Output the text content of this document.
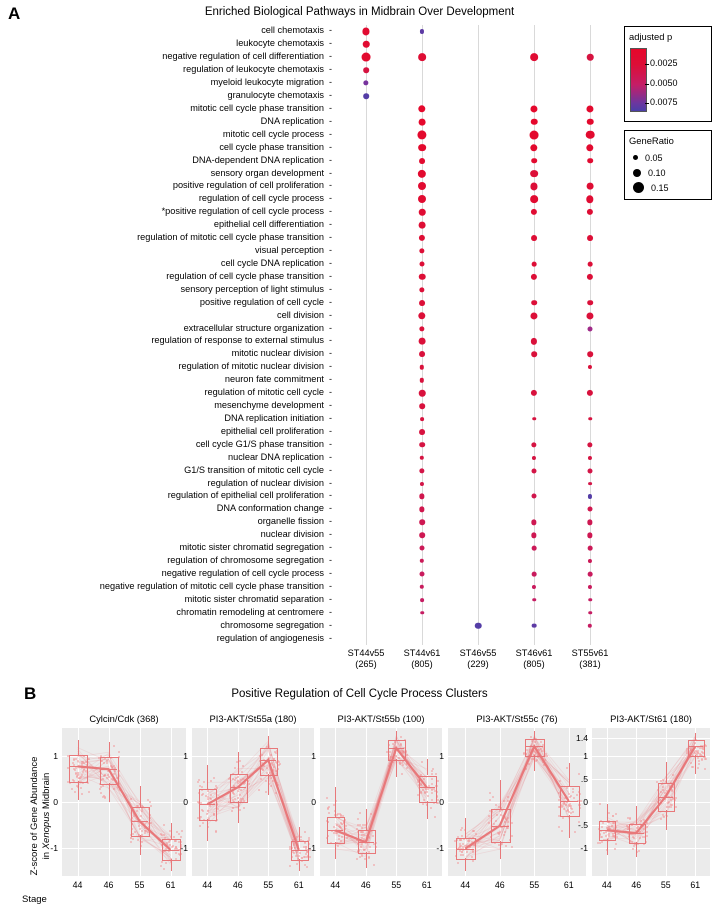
A	Enriched Biological Pathways in Midbrain Over Development
cell chemotaxis -
leukocyte chemotaxis -
negative regulation of cell differentiation -
regulation of leukocyte chemotaxis -
myeloid leukocyte migration -
granulocyte chemotaxis -
mitotic cell cycle phase transition -
DNA replication -
mitotic cell cycle process -
cell cycle phase transition -
DNA-dependent DNA replication -
sensory organ development -
positive regulation of cell proliferation -
regulation of cell cycle process -
*positive regulation of cell cycle process -
epithelial cell differentiation -
regulation of mitotic cell cycle phase transition -
visual perception -
cell cycle DNA replication -
regulation of cell cycle phase transition -
sensory perception of light stimulus -
positive regulation of cell cycle -
cell division -
extracellular structure organization -
regulation of response to external stimulus -
mitotic nuclear division -
regulation of mitotic nuclear division -
neuron fate commitment -
regulation of mitotic cell cycle -
mesenchyme development -
DNA replication initiation -
epithelial cell proliferation -
cell cycle G1/S phase transition -
nuclear DNA replication -
G1/S transition of mitotic cell cycle -
regulation of nuclear division -
regulation of epithelial cell proliferation -
DNA conformation change -
organelle fission -
nuclear division -
mitotic sister chromatid segregation -
regulation of chromosome segregation -
negative regulation of cell cycle process -
negative regulation of mitotic cell cycle phase transition -
mitotic sister chromatid separation -
chromatin remodeling at centromere -
chromosome segregation -
regulation of angiogenesis -
ST44v55
(265)
ST44v61
(805)
ST46v55
(229)
ST46v61
(805)
ST55v61
(381)
adjusted p
GeneRatio
0.05
0.10
0.15
0.0025
0.0050
0.0075
B	Positive Regulation of Cell Cycle Process Clusters
Z-score of Gene Abundance
in Xenopus Midbrain
Stage
Cylcin/Cdk (368)
1
0
-1
44 46 55 61
PI3-AKT/St55a (180)
1
0
-1
44 46 55 61
PI3-AKT/St55b (100)
1
0
-1
44 46 55 61
PI3-AKT/St55c (76)
1
0
-1
44	46	55	61
PI3-AKT/St61 (180)
1.4
1
.5
0
-.5
-1
44 46 55 61
